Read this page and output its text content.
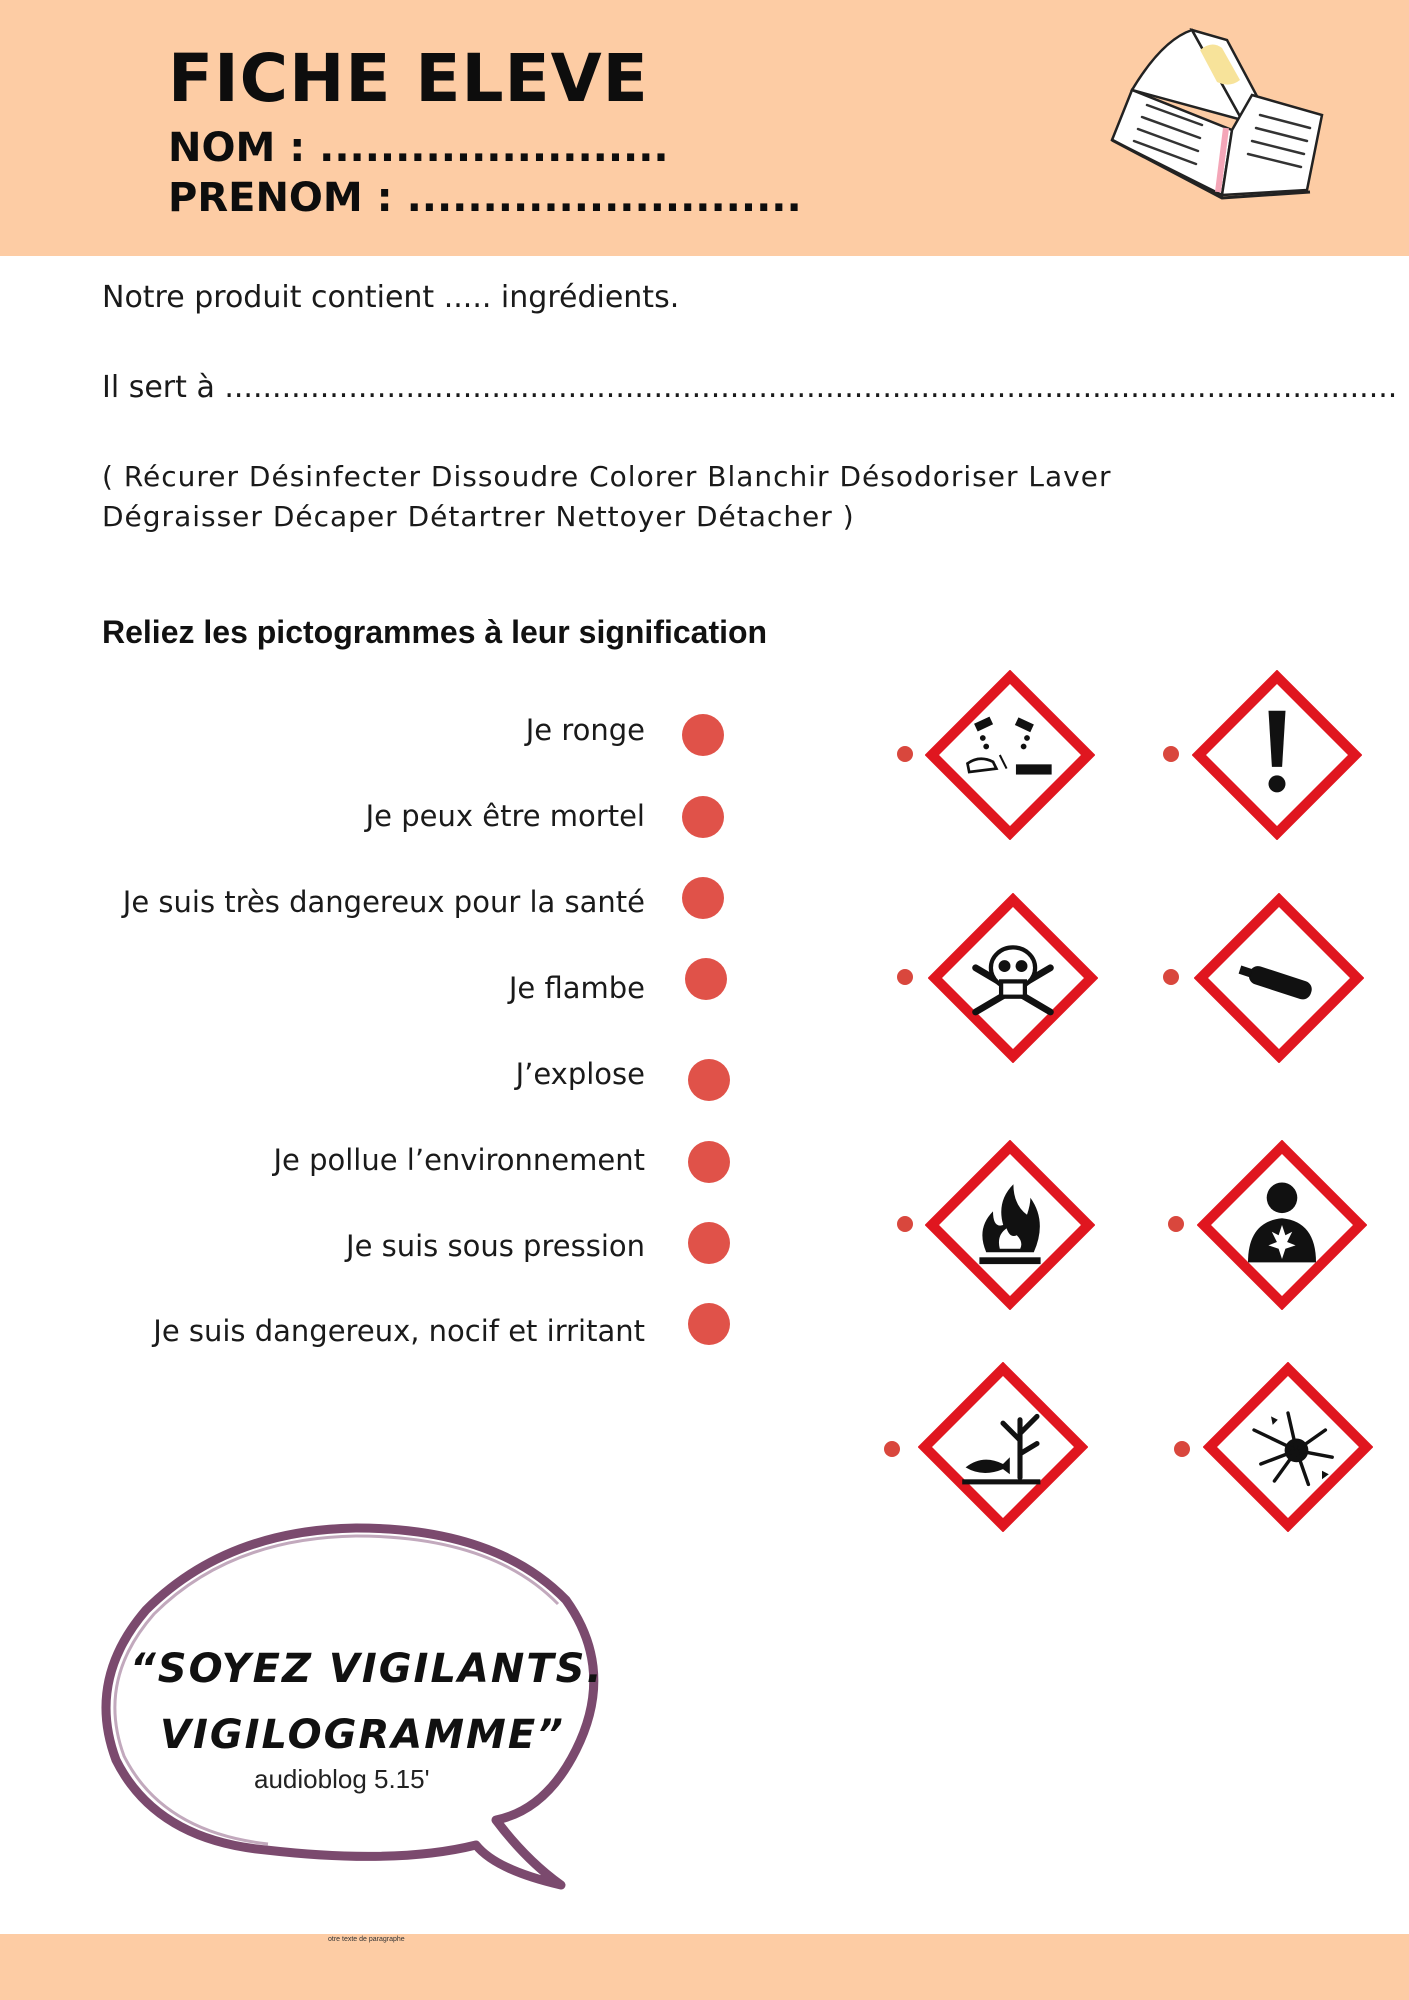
FICHE ELEVE
NOM : .......................
PRENOM : ..........................
Notre produit contient ..... ingrédients.
Il sert à ...........................................................................................................................
( Récurer Désinfecter Dissoudre Colorer Blanchir Désodoriser Laver
Dégraisser Décaper Détartrer Nettoyer Détacher )
Reliez les pictogrammes à leur signification
Je ronge
Je peux être mortel
Je suis très dangereux pour la santé
Je flambe
J’explose
Je pollue l’environnement
Je suis sous pression
Je suis dangereux, nocif et irritant
“SOYEZ VIGILANTS.
VIGILOGRAMME”
audioblog 5.15'
otre texte de paragraphe
